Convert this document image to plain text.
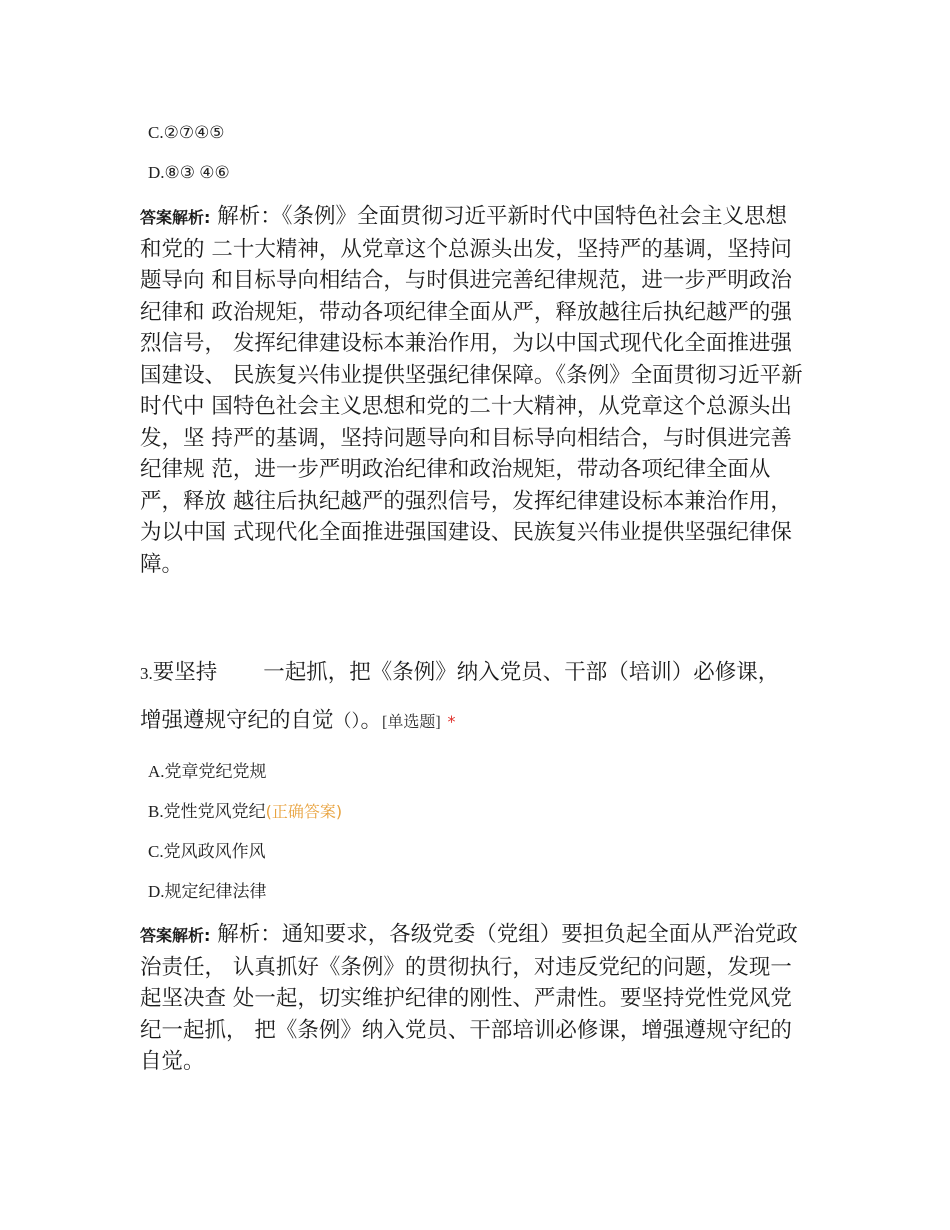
C.②⑦④⑤
D.⑧③ ④⑥
答案解析: 解析：《条例》全面贯彻习近平新时代中国特色社会主义思想和党的 二十大精神，从党章这个总源头出发，坚持严的基调，坚持问题导向 和目标导向相结合，与时俱进完善纪律规范，进一步严明政治纪律和 政治规矩，带动各项纪律全面从严，释放越往后执纪越严的强烈信号， 发挥纪律建设标本兼治作用，为以中国式现代化全面推进强国建设、 民族复兴伟业提供坚强纪律保障。《条例》全面贯彻习近平新时代中 国特色社会主义思想和党的二十大精神，从党章这个总源头出发，坚 持严的基调，坚持问题导向和目标导向相结合，与时俱进完善纪律规 范，进一步严明政治纪律和政治规矩，带动各项纪律全面从严，释放 越往后执纪越严的强烈信号，发挥纪律建设标本兼治作用，为以中国 式现代化全面推进强国建设、民族复兴伟业提供坚强纪律保障。
3.要坚持 一起抓，把《条例》纳入党员、干部（培训）必修课， 增强遵规守纪的自觉（）。[单选题] *
A.党章党纪党规
B.党性党风党纪(正确答案)
C.党风政风作风
D.规定纪律法律
答案解析: 解析：通知要求，各级党委（党组）要担负起全面从严治党政治责任， 认真抓好《条例》的贯彻执行，对违反党纪的问题，发现一起坚决查 处一起，切实维护纪律的刚性、严肃性。要坚持党性党风党纪一起抓， 把《条例》纳入党员、干部培训必修课，增强遵规守纪的自觉。
